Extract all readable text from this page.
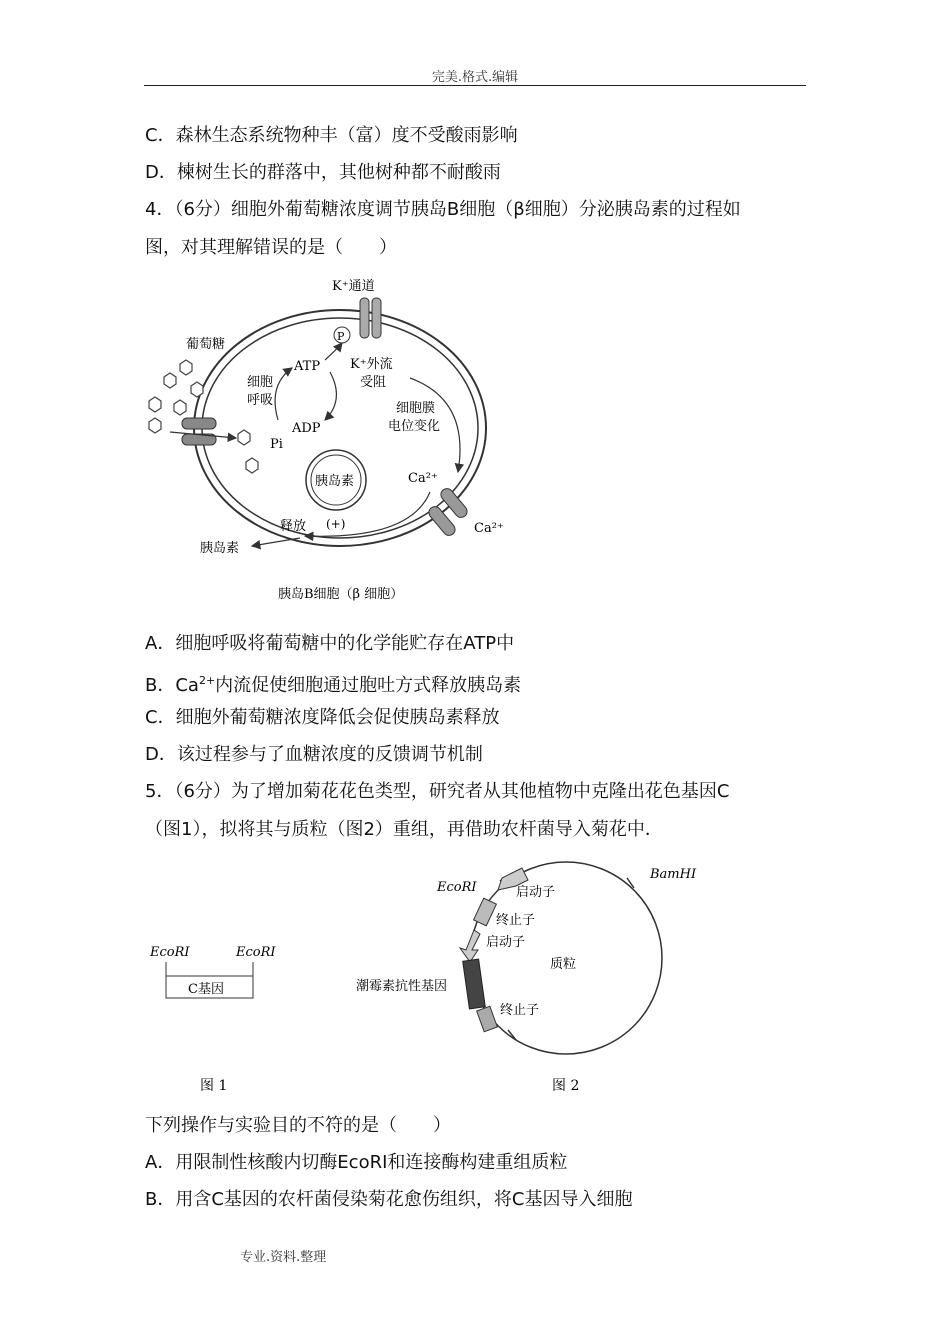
完美.格式.编辑
C．森林生态系统物种丰（富）度不受酸雨影响
D．楝树生长的群落中，其他树种都不耐酸雨
4．（6分）细胞外葡萄糖浓度调节胰岛B细胞（β细胞）分泌胰岛素的过程如
图，对其理解错误的是（　　）
K⁺通道
P
葡萄糖
细胞
呼吸
ATP
ADP
Pi
K⁺外流
受阻
细胞膜
电位变化
胰岛素	Ca²⁺
Ca²⁺
释放 (+)
胰岛素
胰岛B细胞（β 细胞）
A．细胞呼吸将葡萄糖中的化学能贮存在ATP中
B．$Ca^{2+}$内流促使细胞通过胞吐方式释放胰岛素
C．细胞外葡萄糖浓度降低会促使胰岛素释放
D．该过程参与了血糖浓度的反馈调节机制
5．（6分）为了增加菊花花色类型，研究者从其他植物中克隆出花色基因C
（图1），拟将其与质粒（图2）重组，再借助农杆菌导入菊花中．
EcoRI	EcoRI
C基因
图 1
BamHI
EcoRI	启动子
终止子
启动子
质粒
潮霉素抗性基因
终止子
图 2
下列操作与实验目的不符的是（　　）
A．用限制性核酸内切酶EcoRI和连接酶构建重组质粒
B．用含C基因的农杆菌侵染菊花愈伤组织，将C基因导入细胞
专业.资料.整理
